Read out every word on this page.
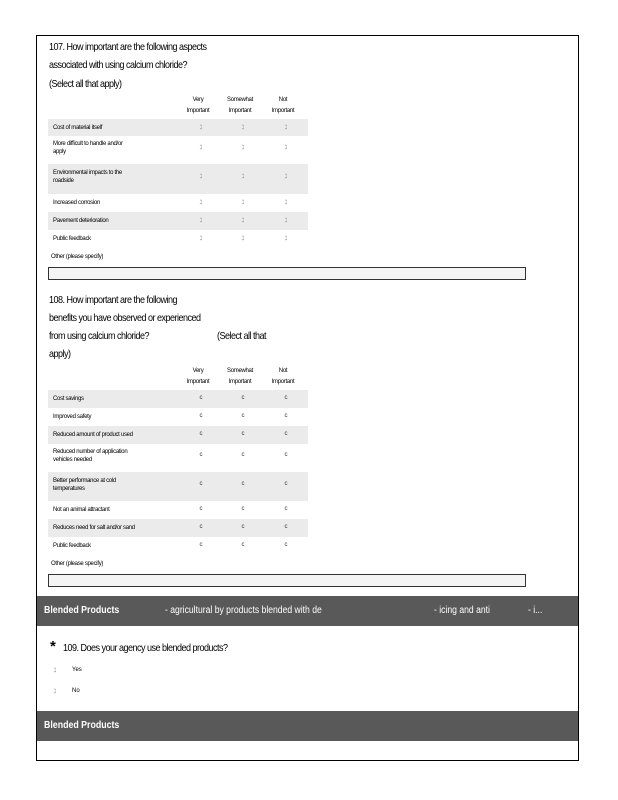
107. How important are the following aspects
associated with using calcium chloride?
(Select all that apply)
Very
Important
Somewhat
Important
Not
Important
Cost of material itself	ℷ	ℷ	ℷ
More difficult to handle and/or apply
ℷ	ℷ	ℷ
Environmental impacts to the roadside
ℷ	ℷ	ℷ
Increased corrosion	ℷ	ℷ	ℷ
Pavement deterioration	ℷ	ℷ	ℷ
Public feedback	ℷ	ℷ	ℷ
Other (please specify)
108. How important are the following
benefits you have observed or experienced
from using calcium chloride?	(Select all that
apply)
Very
Important
Somewhat
Important
Not
Important
Cost savings	c	c	c
Improved safety	c	c	c
Reduced amount of product used	c	c	c
Reduced number of application vehicles needed
c	c	c
Better performance at cold temperatures
c	c	c
Not an animal attractant	c	c	c
Reduces need for salt and/or sand	c	c	c
Public feedback	c	c	c
Other (please specify)
Blended Products	- agricultural by products blended with de	- icing and anti	- i...
* 109. Does your agency use blended products?
ℷ	Yes
ℷ	No
Blended Products
